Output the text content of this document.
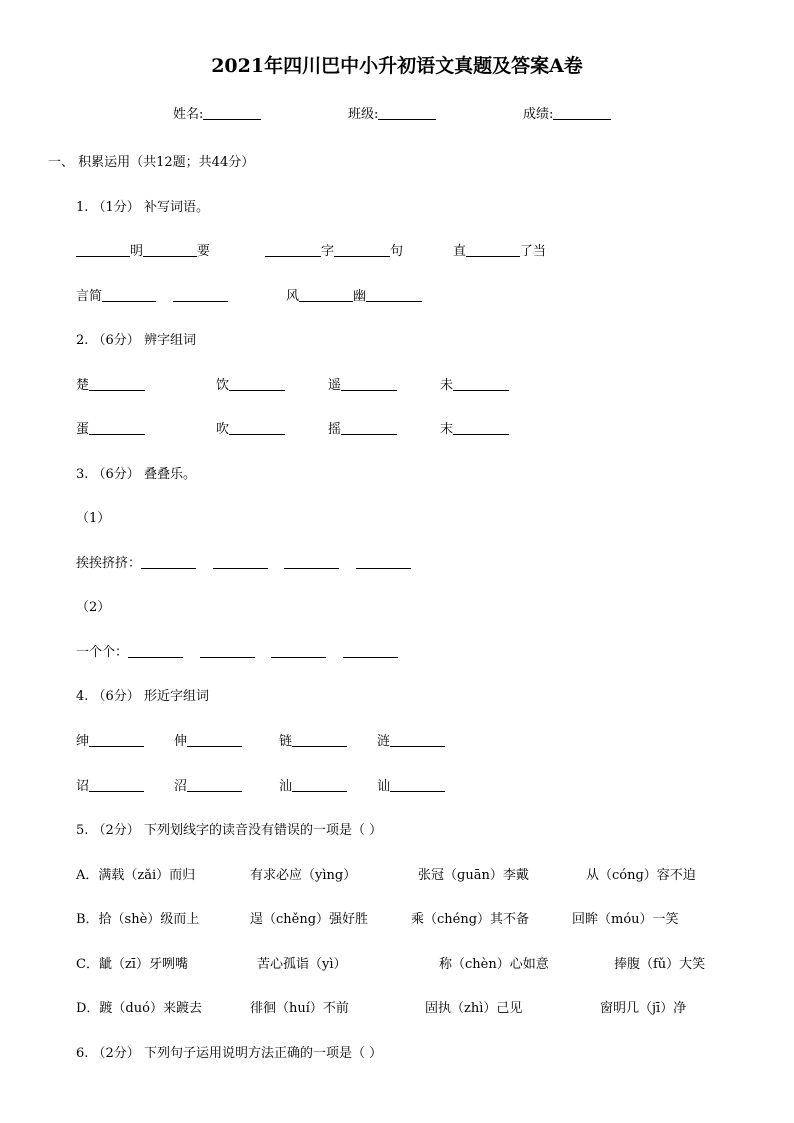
2021年四川巴中小升初语文真题及答案A卷
姓名:	班级:	成绩:
一、 积累运用（共12题；共44分）
1. （1分） 补写词语。
明	要	字	句	直	了当
言简	风	幽
2. （6分） 辨字组词
楚	饮	遥	未
蛋	吹	摇	末
3. （6分） 叠叠乐。
（1）
挨挨挤挤：
（2）
一个个：
4. （6分） 形近字组词
绅	伸	链	涟
诏	沼	汕	讪
5. （2分） 下列划线字的读音没有错误的一项是（ ）
A．满载（zǎi）而归	有求必应（yìng）	张冠（ɡuān）李戴	从（cónɡ）容不迫
B．拾（shè）级而上	逞（chěng）强好胜	乘（chéng）其不备	回眸（móu）一笑
C．龇（zī）牙咧嘴	苦心孤诣（yì）	称（chèn）心如意	捧腹（fǔ）大笑
D．踱（duó）来踱去	徘徊（huí）不前	固执（zhì）己见	窗明几（jī）净
6. （2分） 下列句子运用说明方法正确的一项是（ ）
